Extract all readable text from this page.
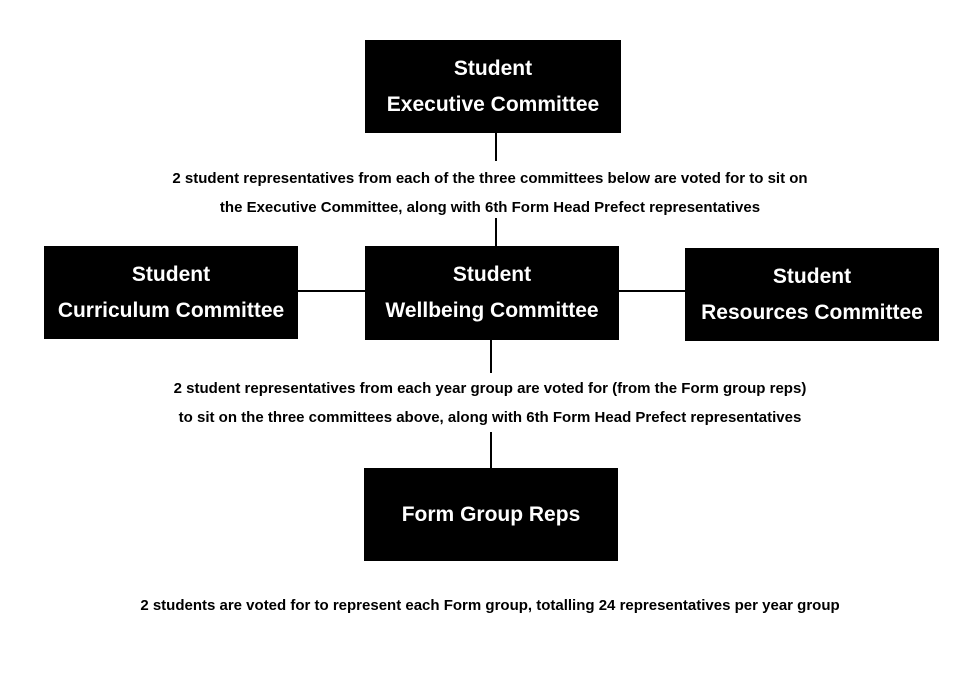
Student
Executive Committee
Student
Curriculum Committee
Student
Wellbeing Committee
Student
Resources Committee
Form Group Reps
2 student representatives from each of the three committees below are voted for to sit on
the Executive Committee, along with 6th Form Head Prefect representatives
2 student representatives from each year group are voted for (from the Form group reps)
to sit on the three committees above, along with 6th Form Head Prefect representatives
2 students are voted for to represent each Form group, totalling 24 representatives per year group
